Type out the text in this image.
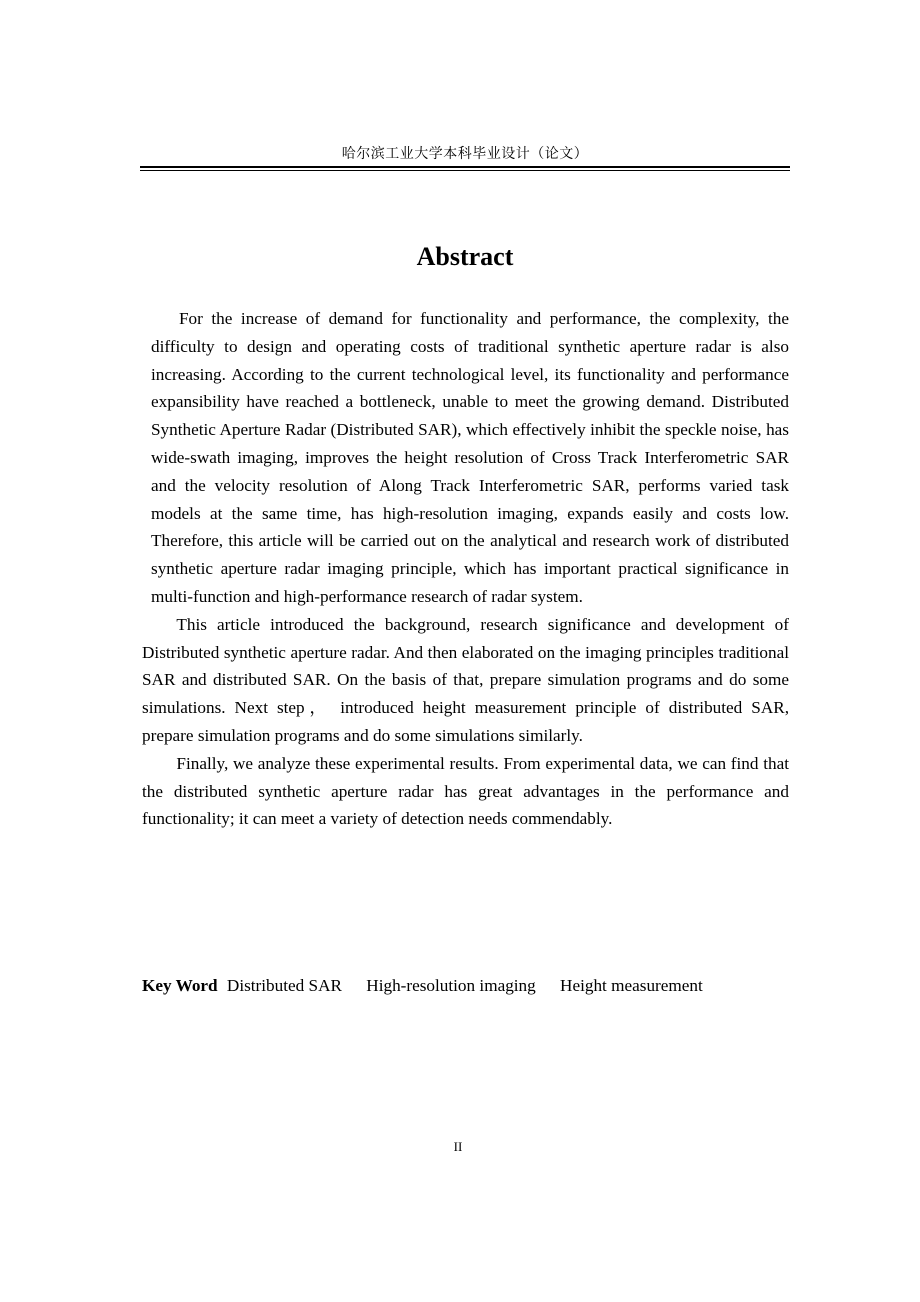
哈尔滨工业大学本科毕业设计（论文）
Abstract

For the increase of demand for functionality and performance, the complexity, the difficulty to design and operating costs of traditional synthetic aperture radar is also increasing. According to the current technological level, its functionality and performance expansibility have reached a bottleneck, unable to meet the growing demand. Distributed Synthetic Aperture Radar (Distributed SAR), which effectively inhibit the speckle noise, has wide-swath imaging, improves the height resolution of Cross Track Interferometric SAR and the velocity resolution of Along Track Interferometric SAR, performs varied task models at the same time, has high-resolution imaging, expands easily and costs low. Therefore, this article will be carried out on the analytical and research work of distributed synthetic aperture radar imaging principle, which has important practical significance in multi-function and high-performance research of radar system.

This article introduced the background, research significance and development of Distributed synthetic aperture radar. And then elaborated on the imaging principles traditional SAR and distributed SAR. On the basis of that, prepare simulation programs and do some simulations. Next step， introduced height measurement principle of distributed SAR, prepare simulation programs and do some simulations similarly.

Finally, we analyze these experimental results. From experimental data, we can find that the distributed synthetic aperture radar has great advantages in the performance and functionality; it can meet a variety of detection needs commendably.

Key Word Distributed SAR High-resolution imaging Height measurement
II
